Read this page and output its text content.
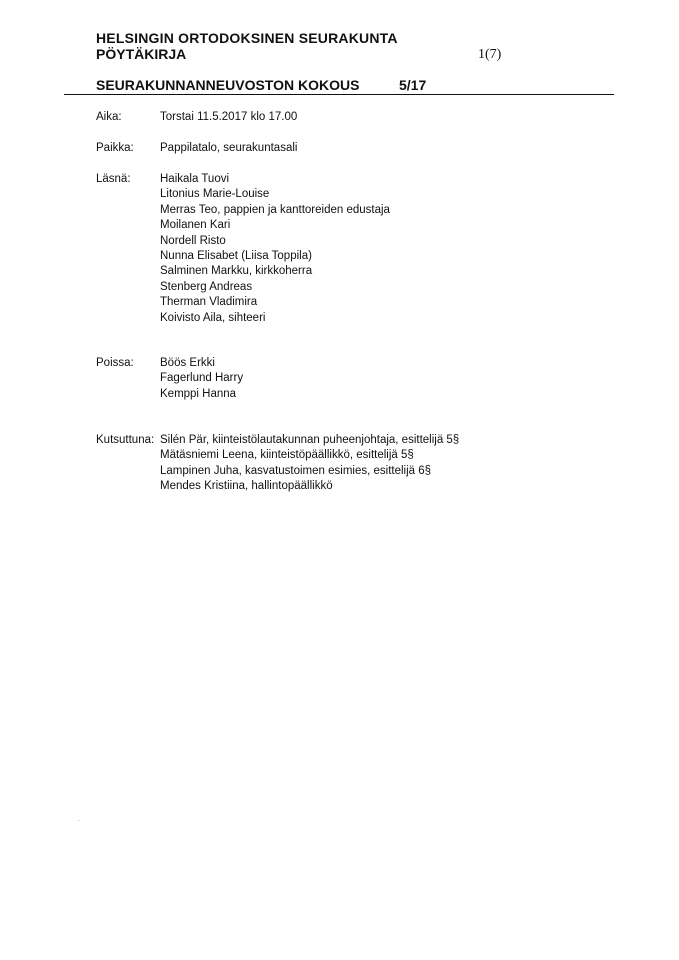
HELSINGIN ORTODOKSINEN SEURAKUNTA
PÖYTÄKIRJA	1(7)
SEURAKUNNANNEUVOSTON KOKOUS	5/17
Aika:	Torstai 11.5.2017 klo 17.00
Paikka: Pappilatalo, seurakuntasali
Läsnä:	Haikala Tuovi
Litonius Marie-Louise
Merras Teo, pappien ja kanttoreiden edustaja
Moilanen Kari
Nordell Risto
Nunna Elisabet (Liisa Toppila)
Salminen Markku, kirkkoherra
Stenberg Andreas
Therman Vladimira
Koivisto Aila, sihteeri
Poissa: Böös Erkki
Fagerlund Harry
Kemppi Hanna
Kutsuttuna: Silén Pär, kiinteistölautakunnan puheenjohtaja, esittelijä 5§
Mätäsniemi Leena, kiinteistöpäällikkö, esittelijä 5§
Lampinen Juha, kasvatustoimen esimies, esittelijä 6§
Mendes Kristiina, hallintopäällikkö
